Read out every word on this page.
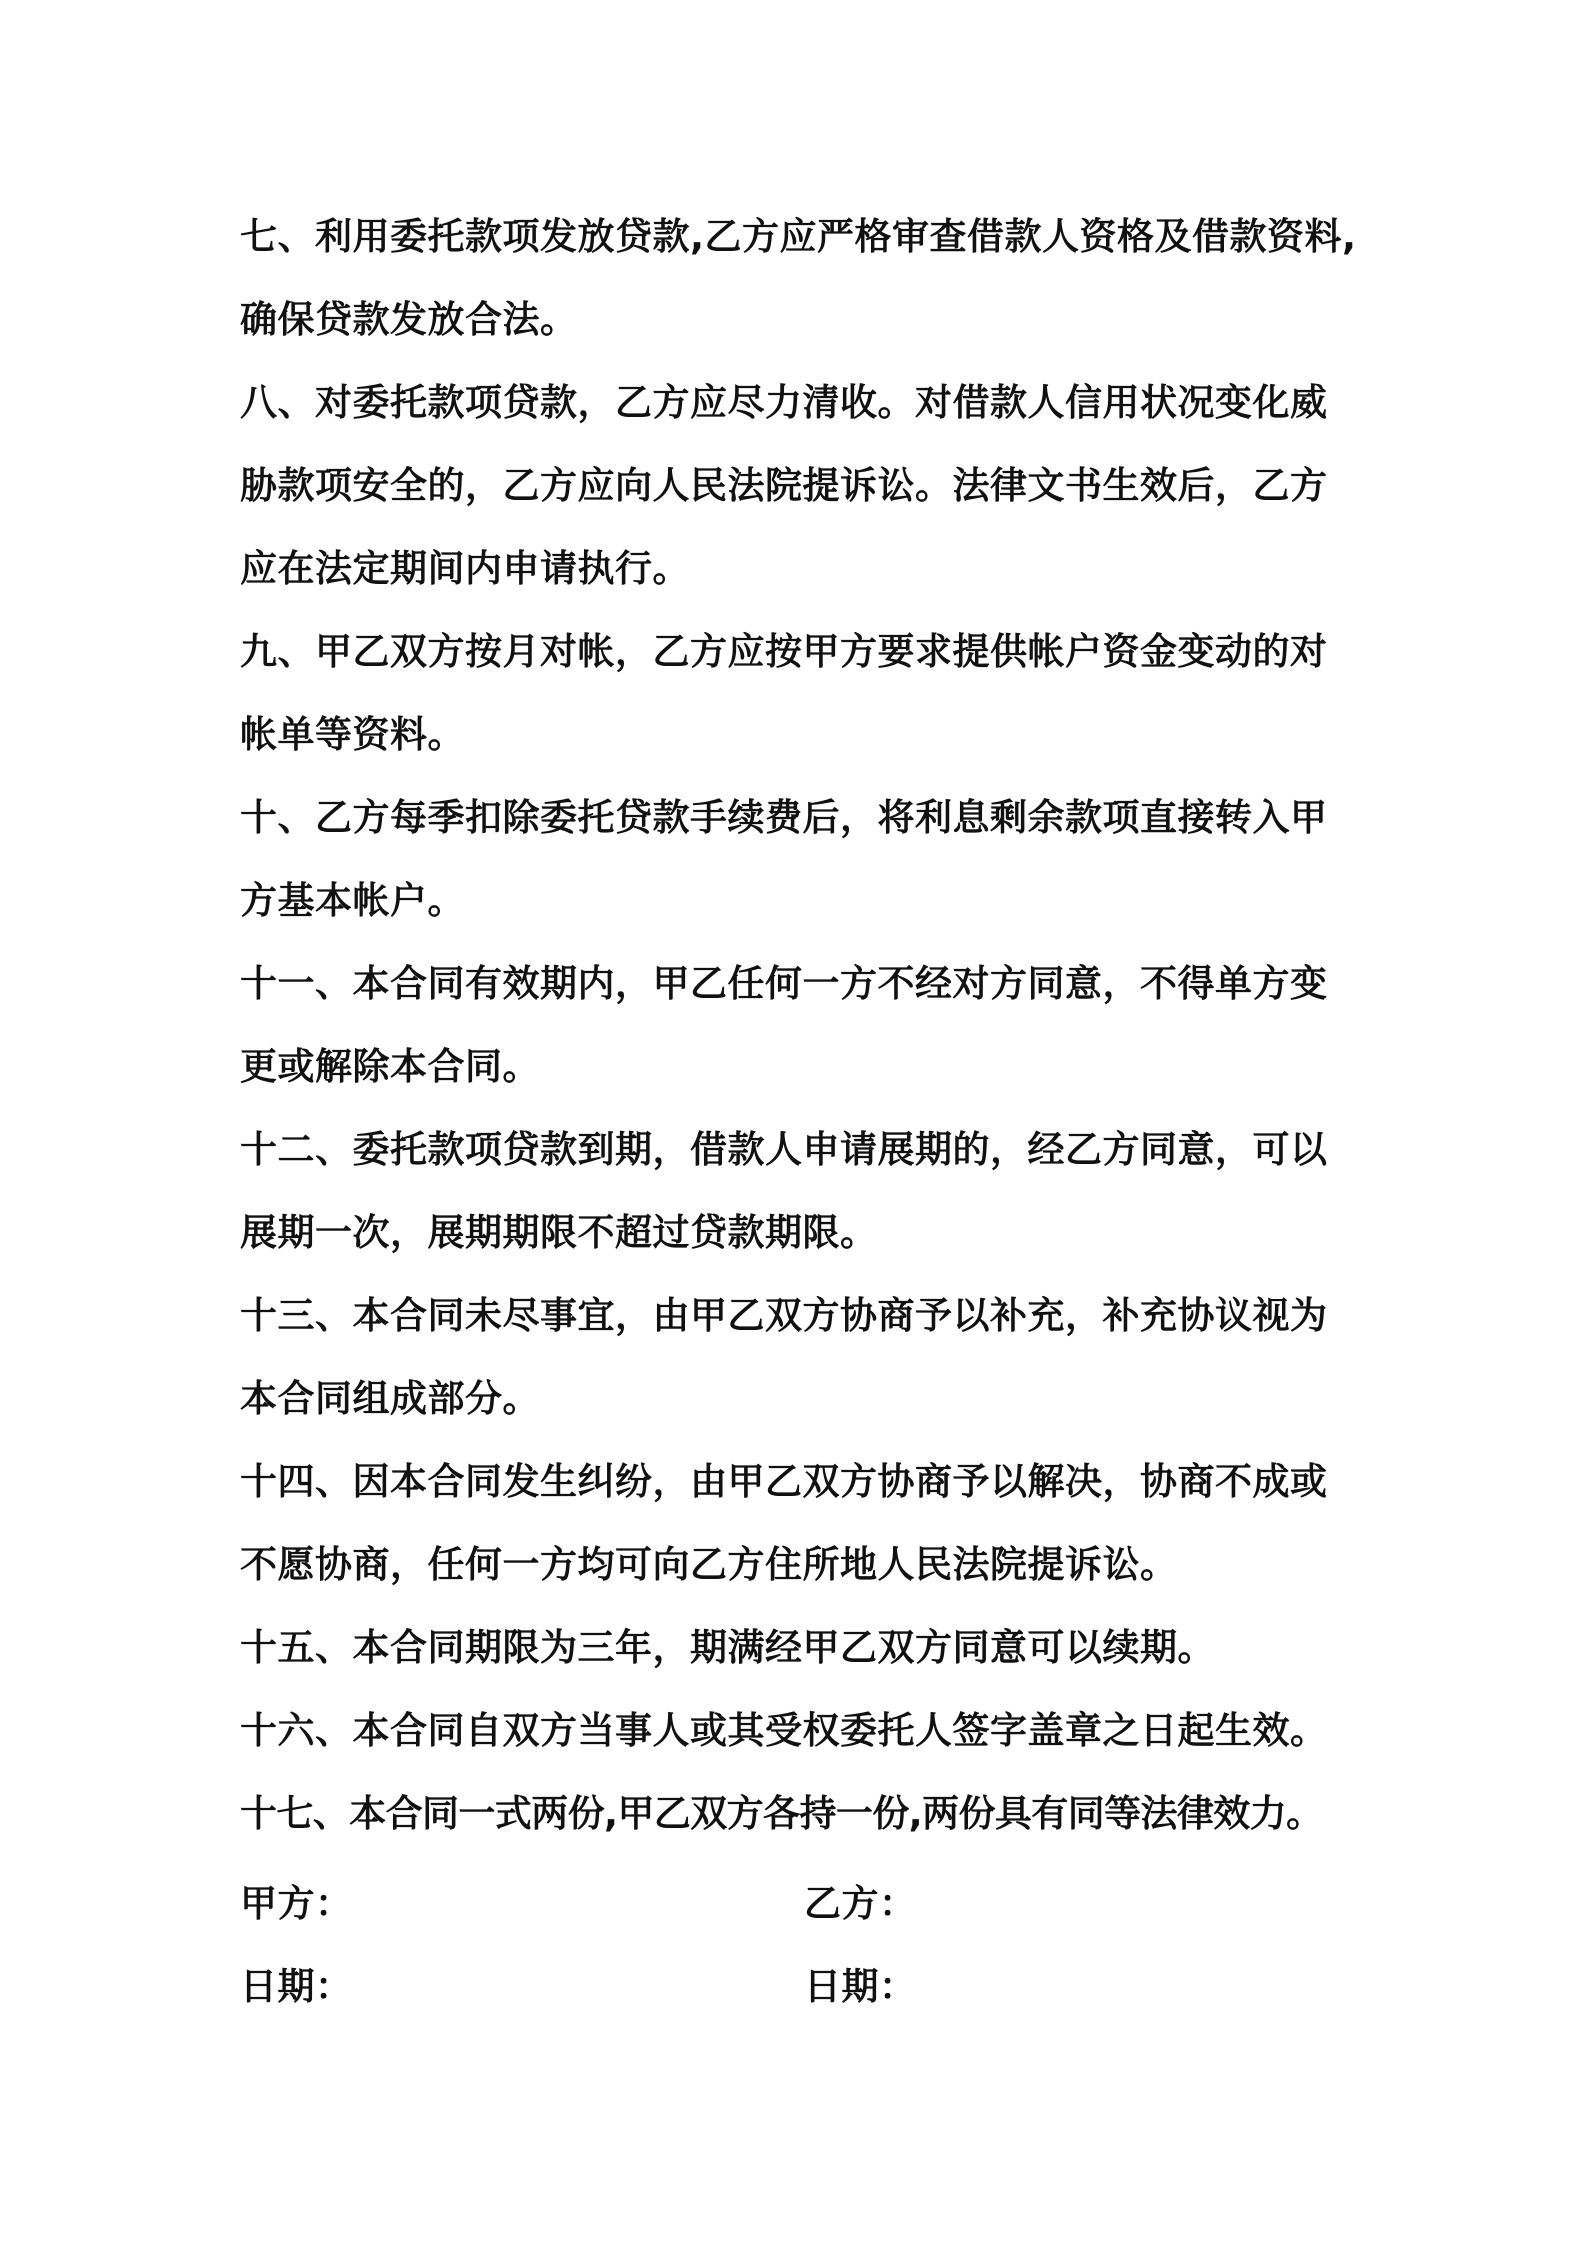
七、利用委托款项发放贷款,乙方应严格审查借款人资格及借款资料,确保贷款发放合法。

八、对委托款项贷款，乙方应尽力清收。对借款人信用状况变化威胁款项安全的，乙方应向人民法院提诉讼。法律文书生效后，乙方应在法定期间内申请执行。

九、甲乙双方按月对帐，乙方应按甲方要求提供帐户资金变动的对帐单等资料。

十、乙方每季扣除委托贷款手续费后，将利息剩余款项直接转入甲方基本帐户。

十一、本合同有效期内，甲乙任何一方不经对方同意，不得单方变更或解除本合同。

十二、委托款项贷款到期，借款人申请展期的，经乙方同意，可以展期一次，展期期限不超过贷款期限。

十三、本合同未尽事宜，由甲乙双方协商予以补充，补充协议视为本合同组成部分。

十四、因本合同发生纠纷，由甲乙双方协商予以解决，协商不成或不愿协商，任何一方均可向乙方住所地人民法院提诉讼。

十五、本合同期限为三年，期满经甲乙双方同意可以续期。

十六、本合同自双方当事人或其受权委托人签字盖章之日起生效。

十七、本合同一式两份,甲乙双方各持一份,两份具有同等法律效力。

甲方：	乙方：
日期：	日期：
